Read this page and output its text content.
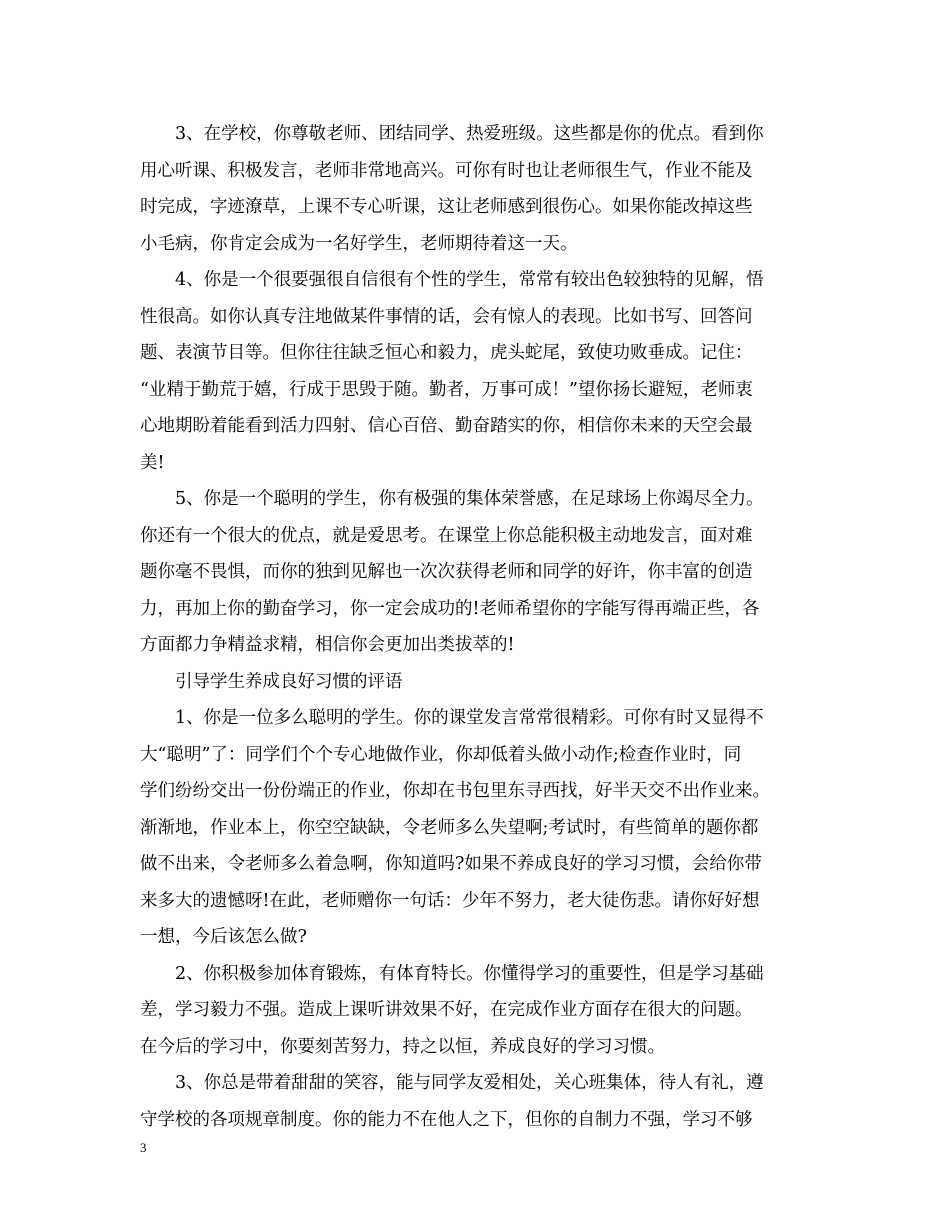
3、在学校，你尊敬老师、团结同学、热爱班级。这些都是你的优点。看到你
用心听课、积极发言，老师非常地高兴。可你有时也让老师很生气，作业不能及
时完成，字迹潦草，上课不专心听课，这让老师感到很伤心。如果你能改掉这些
小毛病，你肯定会成为一名好学生，老师期待着这一天。
4、你是一个很要强很自信很有个性的学生，常常有较出色较独特的见解，悟
性很高。如你认真专注地做某件事情的话，会有惊人的表现。比如书写、回答问
题、表演节目等。但你往往缺乏恒心和毅力，虎头蛇尾，致使功败垂成。记住：
“业精于勤荒于嬉，行成于思毁于随。勤者，万事可成！”望你扬长避短，老师衷
心地期盼着能看到活力四射、信心百倍、勤奋踏实的你，相信你未来的天空会最
美!
5、你是一个聪明的学生，你有极强的集体荣誉感，在足球场上你竭尽全力。
你还有一个很大的优点，就是爱思考。在课堂上你总能积极主动地发言，面对难
题你毫不畏惧，而你的独到见解也一次次获得老师和同学的好许，你丰富的创造
力，再加上你的勤奋学习，你一定会成功的!老师希望你的字能写得再端正些，各
方面都力争精益求精，相信你会更加出类拔萃的!
引导学生养成良好习惯的评语
1、你是一位多么聪明的学生。你的课堂发言常常很精彩。可你有时又显得不
大“聪明”了：同学们个个专心地做作业，你却低着头做小动作;检查作业时，同
学们纷纷交出一份份端正的作业，你却在书包里东寻西找，好半天交不出作业来。
渐渐地，作业本上，你空空缺缺，令老师多么失望啊;考试时，有些简单的题你都
做不出来，令老师多么着急啊，你知道吗?如果不养成良好的学习习惯，会给你带
来多大的遗憾呀!在此，老师赠你一句话：少年不努力，老大徒伤悲。请你好好想
一想，今后该怎么做?
2、你积极参加体育锻炼，有体育特长。你懂得学习的重要性，但是学习基础
差，学习毅力不强。造成上课听讲效果不好，在完成作业方面存在很大的问题。
在今后的学习中，你要刻苦努力，持之以恒，养成良好的学习习惯。
3、你总是带着甜甜的笑容，能与同学友爱相处，关心班集体，待人有礼，遵
守学校的各项规章制度。你的能力不在他人之下，但你的自制力不强，学习不够
3
